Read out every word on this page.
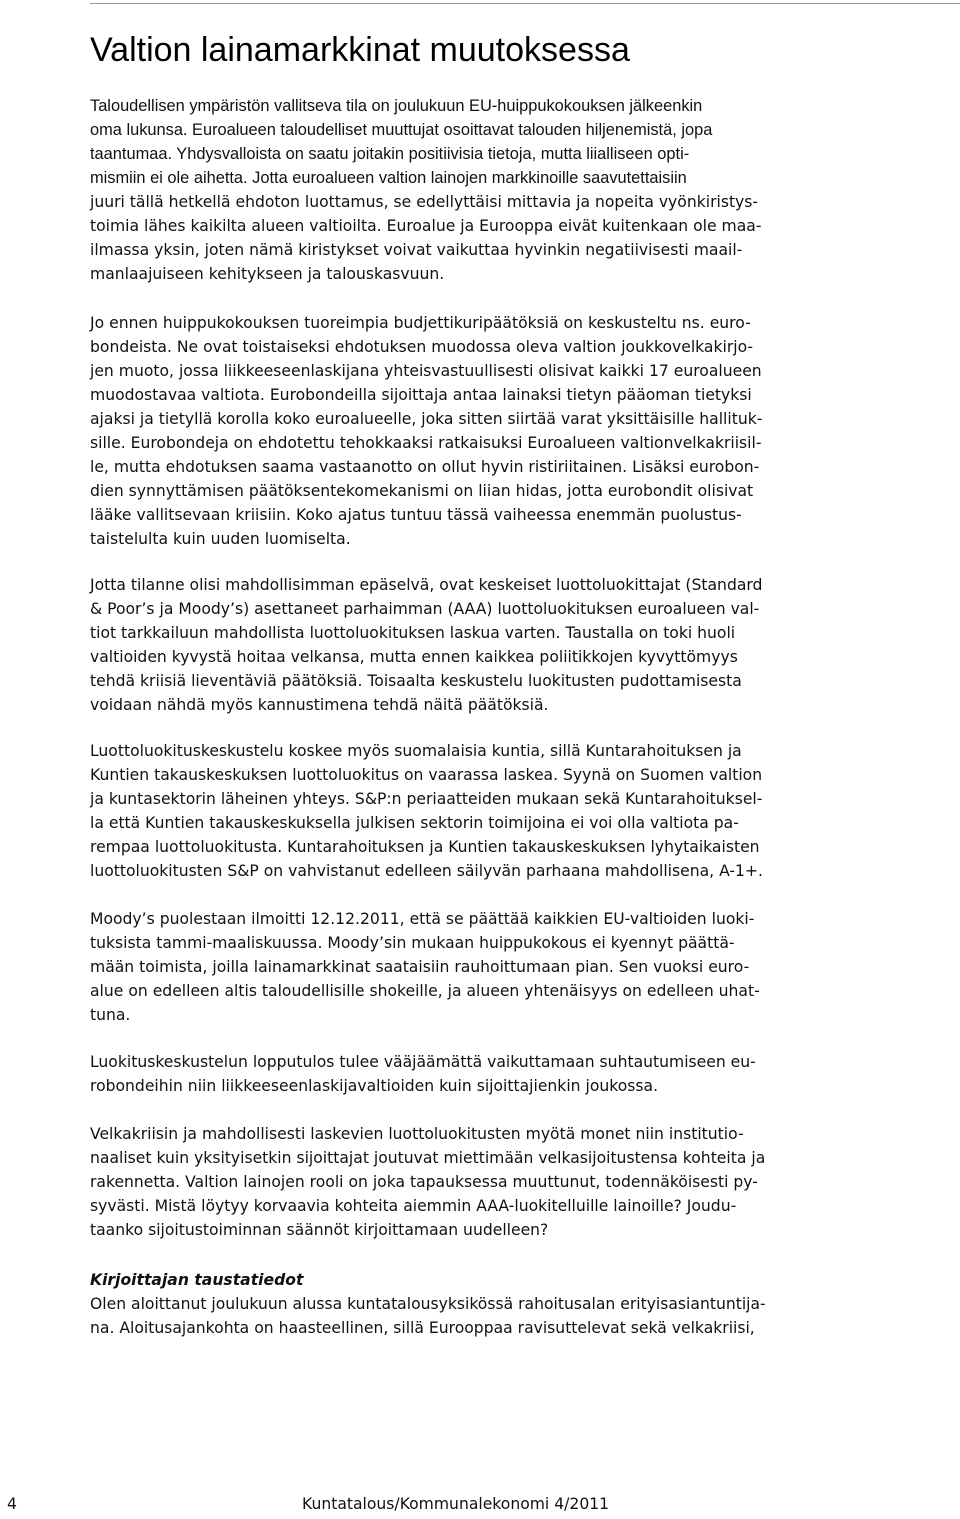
Valtion lainamarkkinat muutoksessa

Taloudellisen ympäristön vallitseva tila on joulukuun EU-huippukokouksen jälkeenkin
oma lukunsa. Euroalueen taloudelliset muuttujat osoittavat talouden hiljenemistä, jopa
taantumaa. Yhdysvalloista on saatu joitakin positiivisia tietoja, mutta liialliseen opti-
mismiin ei ole aihetta. Jotta euroalueen valtion lainojen markkinoille saavutettaisiin
juuri tällä hetkellä ehdoton luottamus, se edellyttäisi mittavia ja nopeita vyönkiristys-
toimia lähes kaikilta alueen valtioilta. Euroalue ja Eurooppa eivät kuitenkaan ole maa-
ilmassa yksin, joten nämä kiristykset voivat vaikuttaa hyvinkin negatiivisesti maail-
manlaajuiseen kehitykseen ja talouskasvuun.

Jo ennen huippukokouksen tuoreimpia budjettikuripäätöksiä on keskusteltu ns. euro-
bondeista. Ne ovat toistaiseksi ehdotuksen muodossa oleva valtion joukkovelkakirjo-
jen muoto, jossa liikkeeseenlaskijana yhteisvastuullisesti olisivat kaikki 17 euroalueen
muodostavaa valtiota. Eurobondeilla sijoittaja antaa lainaksi tietyn pääoman tietyksi
ajaksi ja tietyllä korolla koko euroalueelle, joka sitten siirtää varat yksittäisille hallituk-
sille. Eurobondeja on ehdotettu tehokkaaksi ratkaisuksi Euroalueen valtionvelkakriisil-
le, mutta ehdotuksen saama vastaanotto on ollut hyvin ristiriitainen. Lisäksi eurobon-
dien synnyttämisen päätöksentekomekanismi on liian hidas, jotta eurobondit olisivat
lääke vallitsevaan kriisiin. Koko ajatus tuntuu tässä vaiheessa enemmän puolustus-
taistelulta kuin uuden luomiselta.

Jotta tilanne olisi mahdollisimman epäselvä, ovat keskeiset luottoluokittajat (Standard
& Poor’s ja Moody’s) asettaneet parhaimman (AAA) luottoluokituksen euroalueen val-
tiot tarkkailuun mahdollista luottoluokituksen laskua varten. Taustalla on toki huoli
valtioiden kyvystä hoitaa velkansa, mutta ennen kaikkea poliitikkojen kyvyttömyys
tehdä kriisiä lieventäviä päätöksiä. Toisaalta keskustelu luokitusten pudottamisesta
voidaan nähdä myös kannustimena tehdä näitä päätöksiä.

Luottoluokituskeskustelu koskee myös suomalaisia kuntia, sillä Kuntarahoituksen ja
Kuntien takauskeskuksen luottoluokitus on vaarassa laskea. Syynä on Suomen valtion
ja kuntasektorin läheinen yhteys. S&P:n periaatteiden mukaan sekä Kuntarahoituksel-
la että Kuntien takauskeskuksella julkisen sektorin toimijoina ei voi olla valtiota pa-
rempaa luottoluokitusta. Kuntarahoituksen ja Kuntien takauskeskuksen lyhytaikaisten
luottoluokitusten S&P on vahvistanut edelleen säilyvän parhaana mahdollisena, A-1+.

Moody’s puolestaan ilmoitti 12.12.2011, että se päättää kaikkien EU-valtioiden luoki-
tuksista tammi-maaliskuussa. Moody’sin mukaan huippukokous ei kyennyt päättä-
mään toimista, joilla lainamarkkinat saataisiin rauhoittumaan pian. Sen vuoksi euro-
alue on edelleen altis taloudellisille shokeille, ja alueen yhtenäisyys on edelleen uhat-
tuna.

Luokituskeskustelun lopputulos tulee vääjäämättä vaikuttamaan suhtautumiseen eu-
robondeihin niin liikkeeseenlaskijavaltioiden kuin sijoittajienkin joukossa.

Velkakriisin ja mahdollisesti laskevien luottoluokitusten myötä monet niin institutio-
naaliset kuin yksityisetkin sijoittajat joutuvat miettimään velkasijoitustensa kohteita ja
rakennetta. Valtion lainojen rooli on joka tapauksessa muuttunut, todennäköisesti py-
syvästi. Mistä löytyy korvaavia kohteita aiemmin AAA-luokitelluille lainoille? Joudu-
taanko sijoitustoiminnan säännöt kirjoittamaan uudelleen?

Kirjoittajan taustatiedot

Olen aloittanut joulukuun alussa kuntatalousyksikössä rahoitusalan erityisasiantuntija-
na. Aloitusajankohta on haasteellinen, sillä Eurooppaa ravisuttelevat sekä velkakriisi,

4	Kuntatalous/Kommunalekonomi 4/2011
